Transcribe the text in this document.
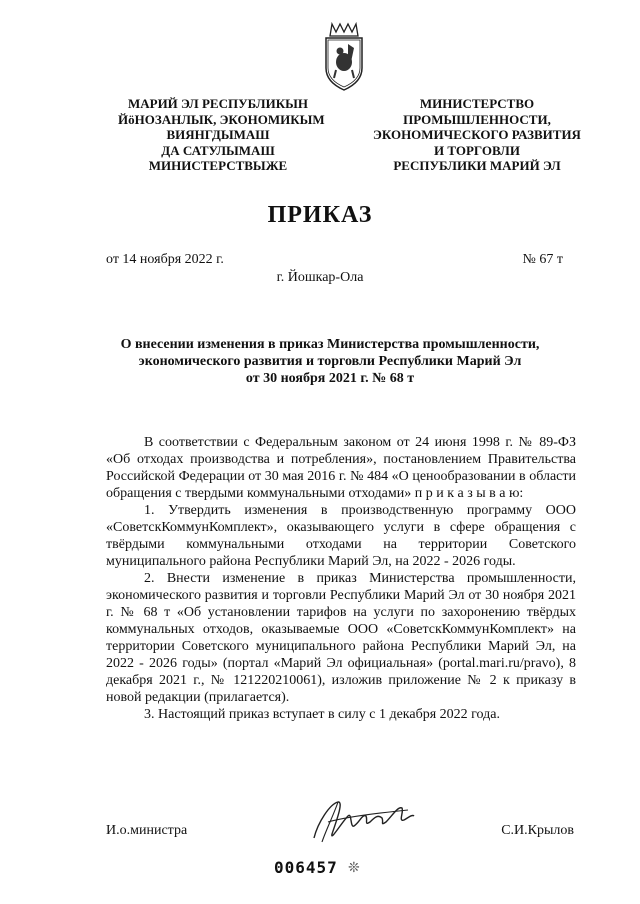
МАРИЙ ЭЛ РЕСПУБЛИКЫН
ЙӧНОЗАНЛЫК, ЭКОНОМИКЫМ
ВИЯНГДЫМАШ
ДА САТУЛЫМАШ
МИНИСТЕРСТВЫЖЕ
МИНИСТЕРСТВО
ПРОМЫШЛЕННОСТИ,
ЭКОНОМИЧЕСКОГО РАЗВИТИЯ
И ТОРГОВЛИ
РЕСПУБЛИКИ МАРИЙ ЭЛ
ПРИКАЗ
от 14 ноября 2022 г.	№ 67 т
г. Йошкар-Ола
О внесении изменения в приказ Министерства промышленности,
экономического развития и торговли Республики Марий Эл
от 30 ноября 2021 г. № 68 т

В соответствии с Федеральным законом от 24 июня 1998 г. № 89-ФЗ «Об отходах производства и потребления», постановлением Правительства Российской Федерации от 30 мая 2016 г. № 484 «О ценообразовании в области обращения с твердыми коммунальными отходами» п р и к а з ы в а ю:

1. Утвердить изменения в производственную программу ООО «СоветскКоммунКомплект», оказывающего услуги в сфере обращения с твёрдыми коммунальными отходами на территории Советского муниципального района Республики Марий Эл, на 2022 - 2026 годы.

2. Внести изменение в приказ Министерства промышленности, экономического развития и торговли Республики Марий Эл от 30 ноября 2021 г. № 68 т «Об установлении тарифов на услуги по захоронению твёрдых коммунальных отходов, оказываемые ООО «СоветскКоммунКомплект» на территории Советского муниципального района Республики Марий Эл, на 2022 - 2026 годы» (портал «Марий Эл официальная» (portal.mari.ru/pravo), 8 декабря 2021 г., № 121220210061), изложив приложение № 2 к приказу в новой редакции (прилагается).

3. Настоящий приказ вступает в силу с 1 декабря 2022 года.

И.о.министра	С.И.Крылов
006457 ❊
